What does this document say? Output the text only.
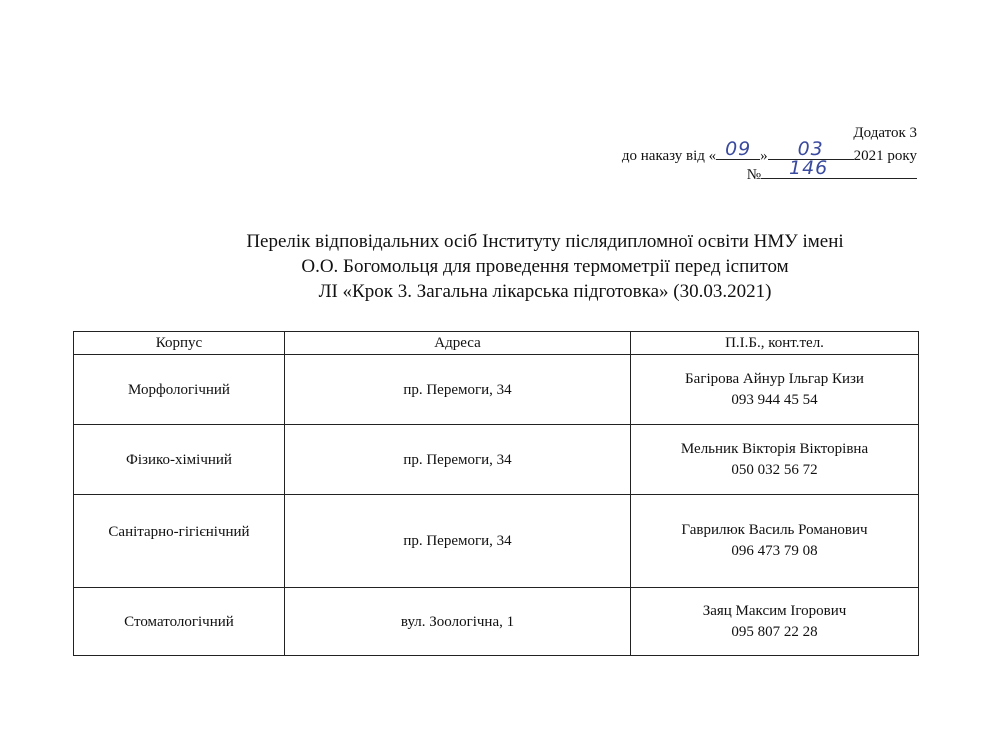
Додаток 3
до наказу від « 09 »	03	2021 року
№ 146
Перелік відповідальних осіб Інституту післядипломної освіти НМУ імені
О.О. Богомольця для проведення термометрії перед іспитом
ЛІ «Крок 3. Загальна лікарська підготовка» (30.03.2021)
Корпус	Адреса	П.І.Б., конт.тел.
Морфологічний	пр. Перемоги, 34	Багірова Айнур Ільгар Кизи
093 944 45 54

Фізико-хімічний	пр. Перемоги, 34	Мельник Вікторія Вікторівна
050 032 56 72

Санітарно-гігієнічний	пр. Перемоги, 34	Гаврилюк Василь Романович
096 473 79 08

Стоматологічний	вул. Зоологічна, 1	Заяц Максим Ігорович
095 807 22 28
